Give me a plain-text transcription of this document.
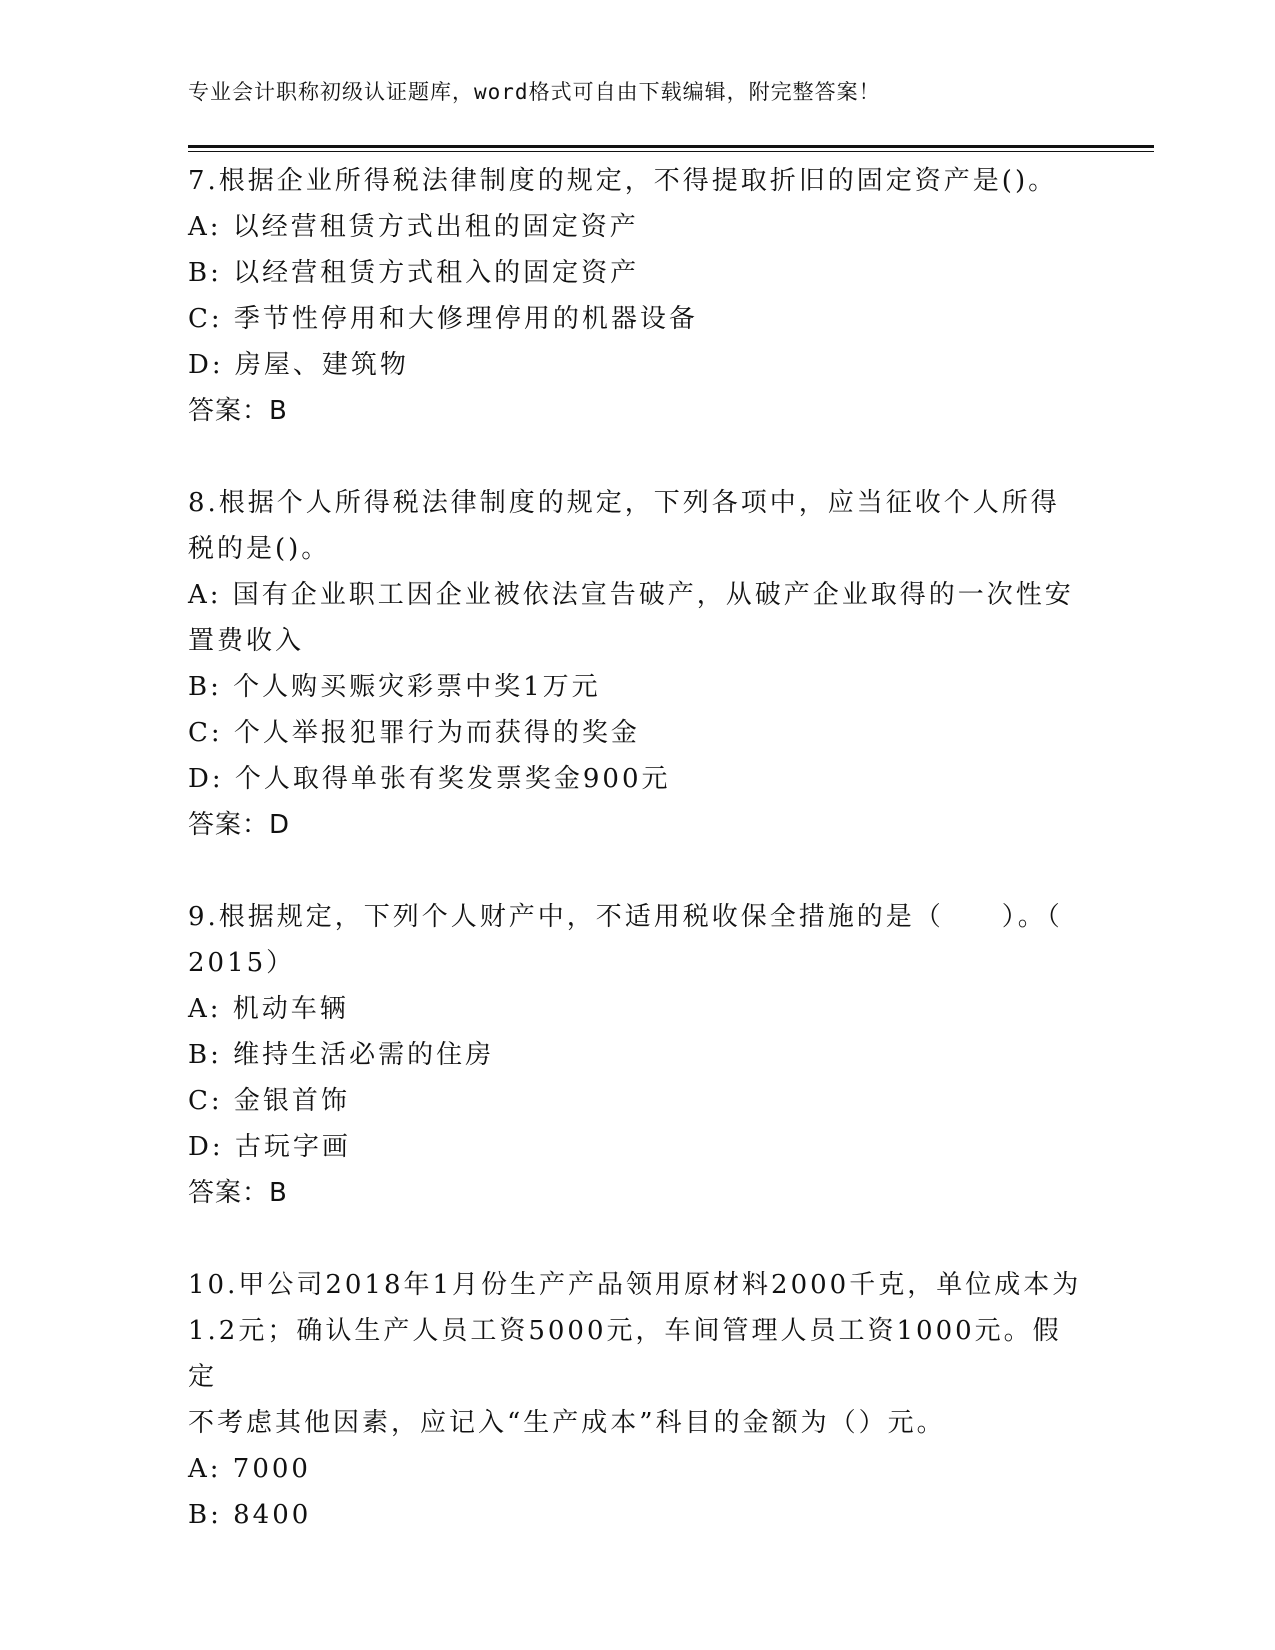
专业会计职称初级认证题库，word格式可自由下载编辑，附完整答案！
7.根据企业所得税法律制度的规定，不得提取折旧的固定资产是()。
A: 以经营租赁方式出租的固定资产
B: 以经营租赁方式租入的固定资产
C: 季节性停用和大修理停用的机器设备
D: 房屋、建筑物
答案：B
8.根据个人所得税法律制度的规定，下列各项中，应当征收个人所得
税的是()。
A: 国有企业职工因企业被依法宣告破产，从破产企业取得的一次性安
置费收入
B: 个人购买赈灾彩票中奖1万元
C: 个人举报犯罪行为而获得的奖金
D: 个人取得单张有奖发票奖金900元
答案：D
9.根据规定，下列个人财产中，不适用税收保全措施的是（　　）。（
2015）
A: 机动车辆
B: 维持生活必需的住房
C: 金银首饰
D: 古玩字画
答案：B
10.甲公司2018年1月份生产产品领用原材料2000千克，单位成本为
1.2元；确认生产人员工资5000元，车间管理人员工资1000元。假定
不考虑其他因素，应记入“生产成本”科目的金额为（）元。
A: 7000
B: 8400
